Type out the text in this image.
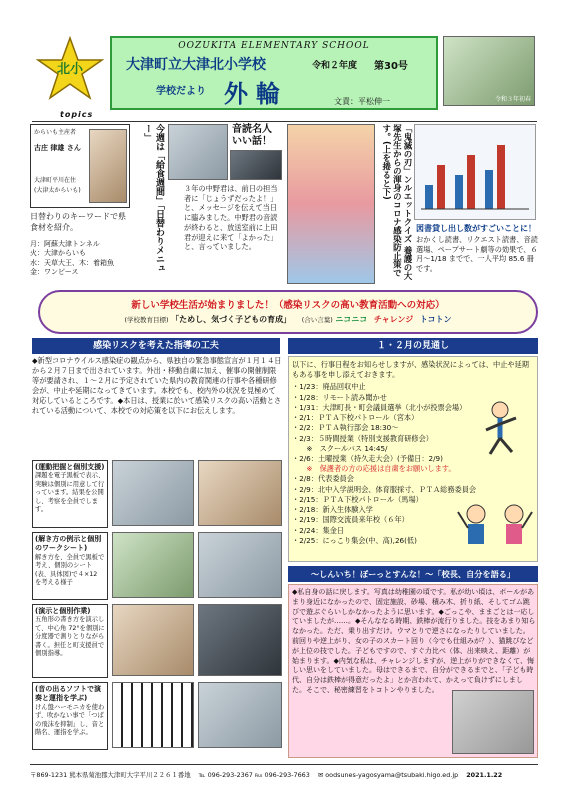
北小
OOZUKITA ELEMENTARY SCHOOL
大津町立大津北小学校	令和２年度 第30号
学校だより 外輪	文責：平松伸一	令和３年初春
topics
からいも主産者
古庄 律雄 さん
大津町平川在住
(大津太からいも)
日替わりのキーワードで県食材を紹介。
月：阿蘇大津トンネル
火：大津からいも
水：天草大王、木：着箱魚
金：ワンピース	今週は「給食週間」「日替わりメニュー」	音読名人いい話！
３年の中野君は、前日の担当者に「じょうずだったよ！」と、メッセージを伝えて当日に臨みました。中野君の音読が終わると、放送室前に上田君が迎えに来て「よかった」と、言っていました。	「鬼滅の刃」ンルエットクイズ 養護の大塚先生からの渾身のコロナ感染防止策です。(上を捲ると下)
図書貸し出し数がすごいことに！
おかくし読書、リクエスト読書、音読選場、ペープサート劇等の効果で、６月〜1/18 までで、一人平均 85.6 冊です。
新しい学校生活が始まりました！（感染リスクの高い教育活動への対応）
(学校教育目標) 「ためし、気づく子どもの育成」 (合い言葉) ニコニコ チャレンジ トコトン
感染リスクを考えた指導の工夫
◆新型コロナウイルス感染症の観点から、県独自の緊急事態宣言が１月１４日から２月７日まで出されています。外出・移動自粛に加え、催事の開催制限等が要請され、１〜２月に予定されていた県内の教育関連の行事や各種研修会が、中止や延期になってきています。本校でも、校内外の状況を見極めて対応しているところです。◆本日は、授業に於いて感染リスクの高い活動とされている活動について、本校での対応策を以下にお伝えします。
(運動把握と個別支援)
課題を電子黒板で表示、実験は個別に用意して行っています。結果を公開し、考察を全員でします。
(解き方の例示と個別のワークシート)
解き方を、全員で黒板で考え、個別のシート(表、具体図)で４×12 を考える様子
(演示と個別作業)
五角形の書き方を演示して、中心角 72°を個別に分度器で測りとりながら書く。担任と町支援員で個別指導。
(音の出るソフトで演奏と運指を学ぶ)
けん盤ハーモニカを使わず、吹かない事で「つばの飛沫を抑制」し、音と階名、運指を学ぶ。
１・２月の見通し
以下に、行事日程をお知らせしますが、感染状況によっては、中止や延期もある事を申し添えておきます。
・1/23：廃品回収中止
・1/28：リモート読み聞かせ
・1/31：大津町長・町会議員選挙（北小が投票会場）
・2/1：ＰＴＡ下校パトロール（宮本）
・2/2：ＰＴＡ執行部会 18:30〜
・2/3：５時間授業（特別支援教育研修会）
　　※　スクールバス 14:45/
・2/6：土曜授業（持久走大会）(予備日：2/9)
　　※　保護者の方の応援は自粛をお願いします。
・2/8：代表委員会
・2/9：北中入学説明会、体育服採寸、ＰＴＡ総務委員会
・2/15：ＰＴＡ下校パトロール（馬場）
・2/18：新入生体験入学
・2/19：国際交流員来年校（６年）
・2/24：集金日
・2/25：にっこり集会(中、高),26(低)
〜しんいち！ぼーっとすんな！〜「校長、自分を語る」
◆私自身の話に戻します。写真は幼稚園の頃です。私が幼い頃は、ボールがあまり身近になかったので、固定施設、砂場、積み木、折り紙、そしてゴム跳びで遊ぶぐらいしかなかったように思います。◆ごっこや、ままごとは一応していましたが……。◆そんななる時期、鉄棒が流行りました。技をあまり知らなかった。ただ、乗り出すだけ。ウマとりで逆さになったりしていました。前回りや逆上がり、女の子のスカート回り（今でも仕組みが？）、猫跳びなどが上位の技でした。子どもですので、すぐ力比べ（体、出来映え、距離）が始まります。◆内気な私は、チャレンジしますが、逆上がりができなくて、悔しい思いをしていました。母はできるまで、自分ができるまでと、「子ども時代、自分は鉄棒が得意だったよ」とか言われて、かえって負けずにしました。そこで、秘密練習をトコトンやりました。
〒869-1231 熊本県菊池郡大津町大字平川２２６１番地 ℡ 096-293-2367 ℻ 096-293-7663 ✉ oodsunes-yagosyama@tsubaki.higo.ed.jp 2021.1.22
